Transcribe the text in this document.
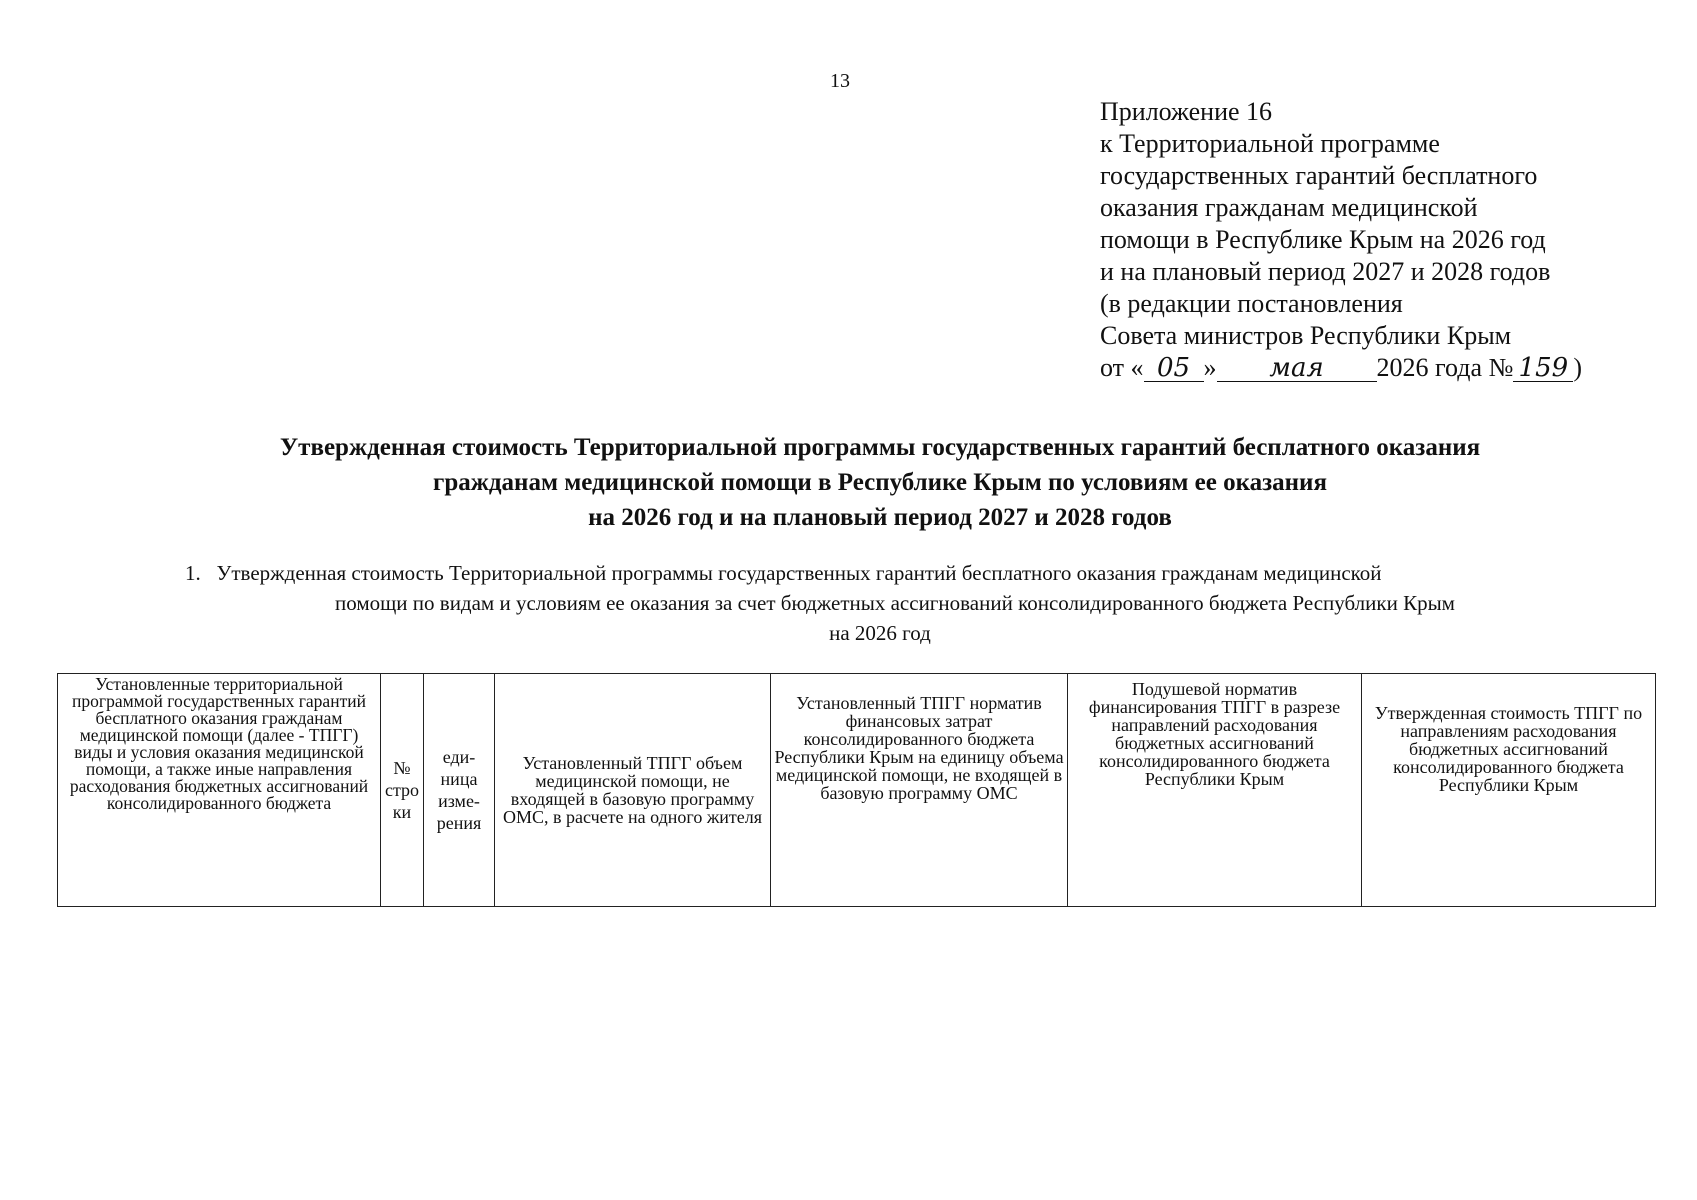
13
Приложение 16
к Территориальной программе
государственных гарантий бесплатного
оказания гражданам медицинской
помощи в Республике Крым на 2026 год
и на плановый период 2027 и 2028 годов
(в редакции постановления
Совета министров Республики Крым
от « 05 » мая 2026 года № 159 )
Утвержденная стоимость Территориальной программы государственных гарантий бесплатного оказания
гражданам медицинской помощи в Республике Крым по условиям ее оказания
на 2026 год и на плановый период 2027 и 2028 годов
1. Утвержденная стоимость Территориальной программы государственных гарантий бесплатного оказания гражданам медицинской
помощи по видам и условиям ее оказания за счет бюджетных ассигнований консолидированного бюджета Республики Крым
на 2026 год
Установленные территориальной программой государственных гарантий бесплатного оказания гражданам медицинской помощи (далее - ТПГГ) виды и условия оказания медицинской помощи, а также иные направления расходования бюджетных ассигнований консолидированного бюджета	№ стро ки	еди- ница изме- рения	Установленный ТПГГ объем медицинской помощи, не входящей в базовую программу ОМС, в расчете на одного жителя	Установленный ТПГГ норматив финансовых затрат консолидированного бюджета Республики Крым на единицу объема медицинской помощи, не входящей в базовую программу ОМС	Подушевой норматив финансирования ТПГГ в разрезе направлений расходования бюджетных ассигнований консолидированного бюджета Республики Крым	Утвержденная стоимость ТПГГ по направлениям расходования бюджетных ассигнований консолидированного бюджета Республики Крым
